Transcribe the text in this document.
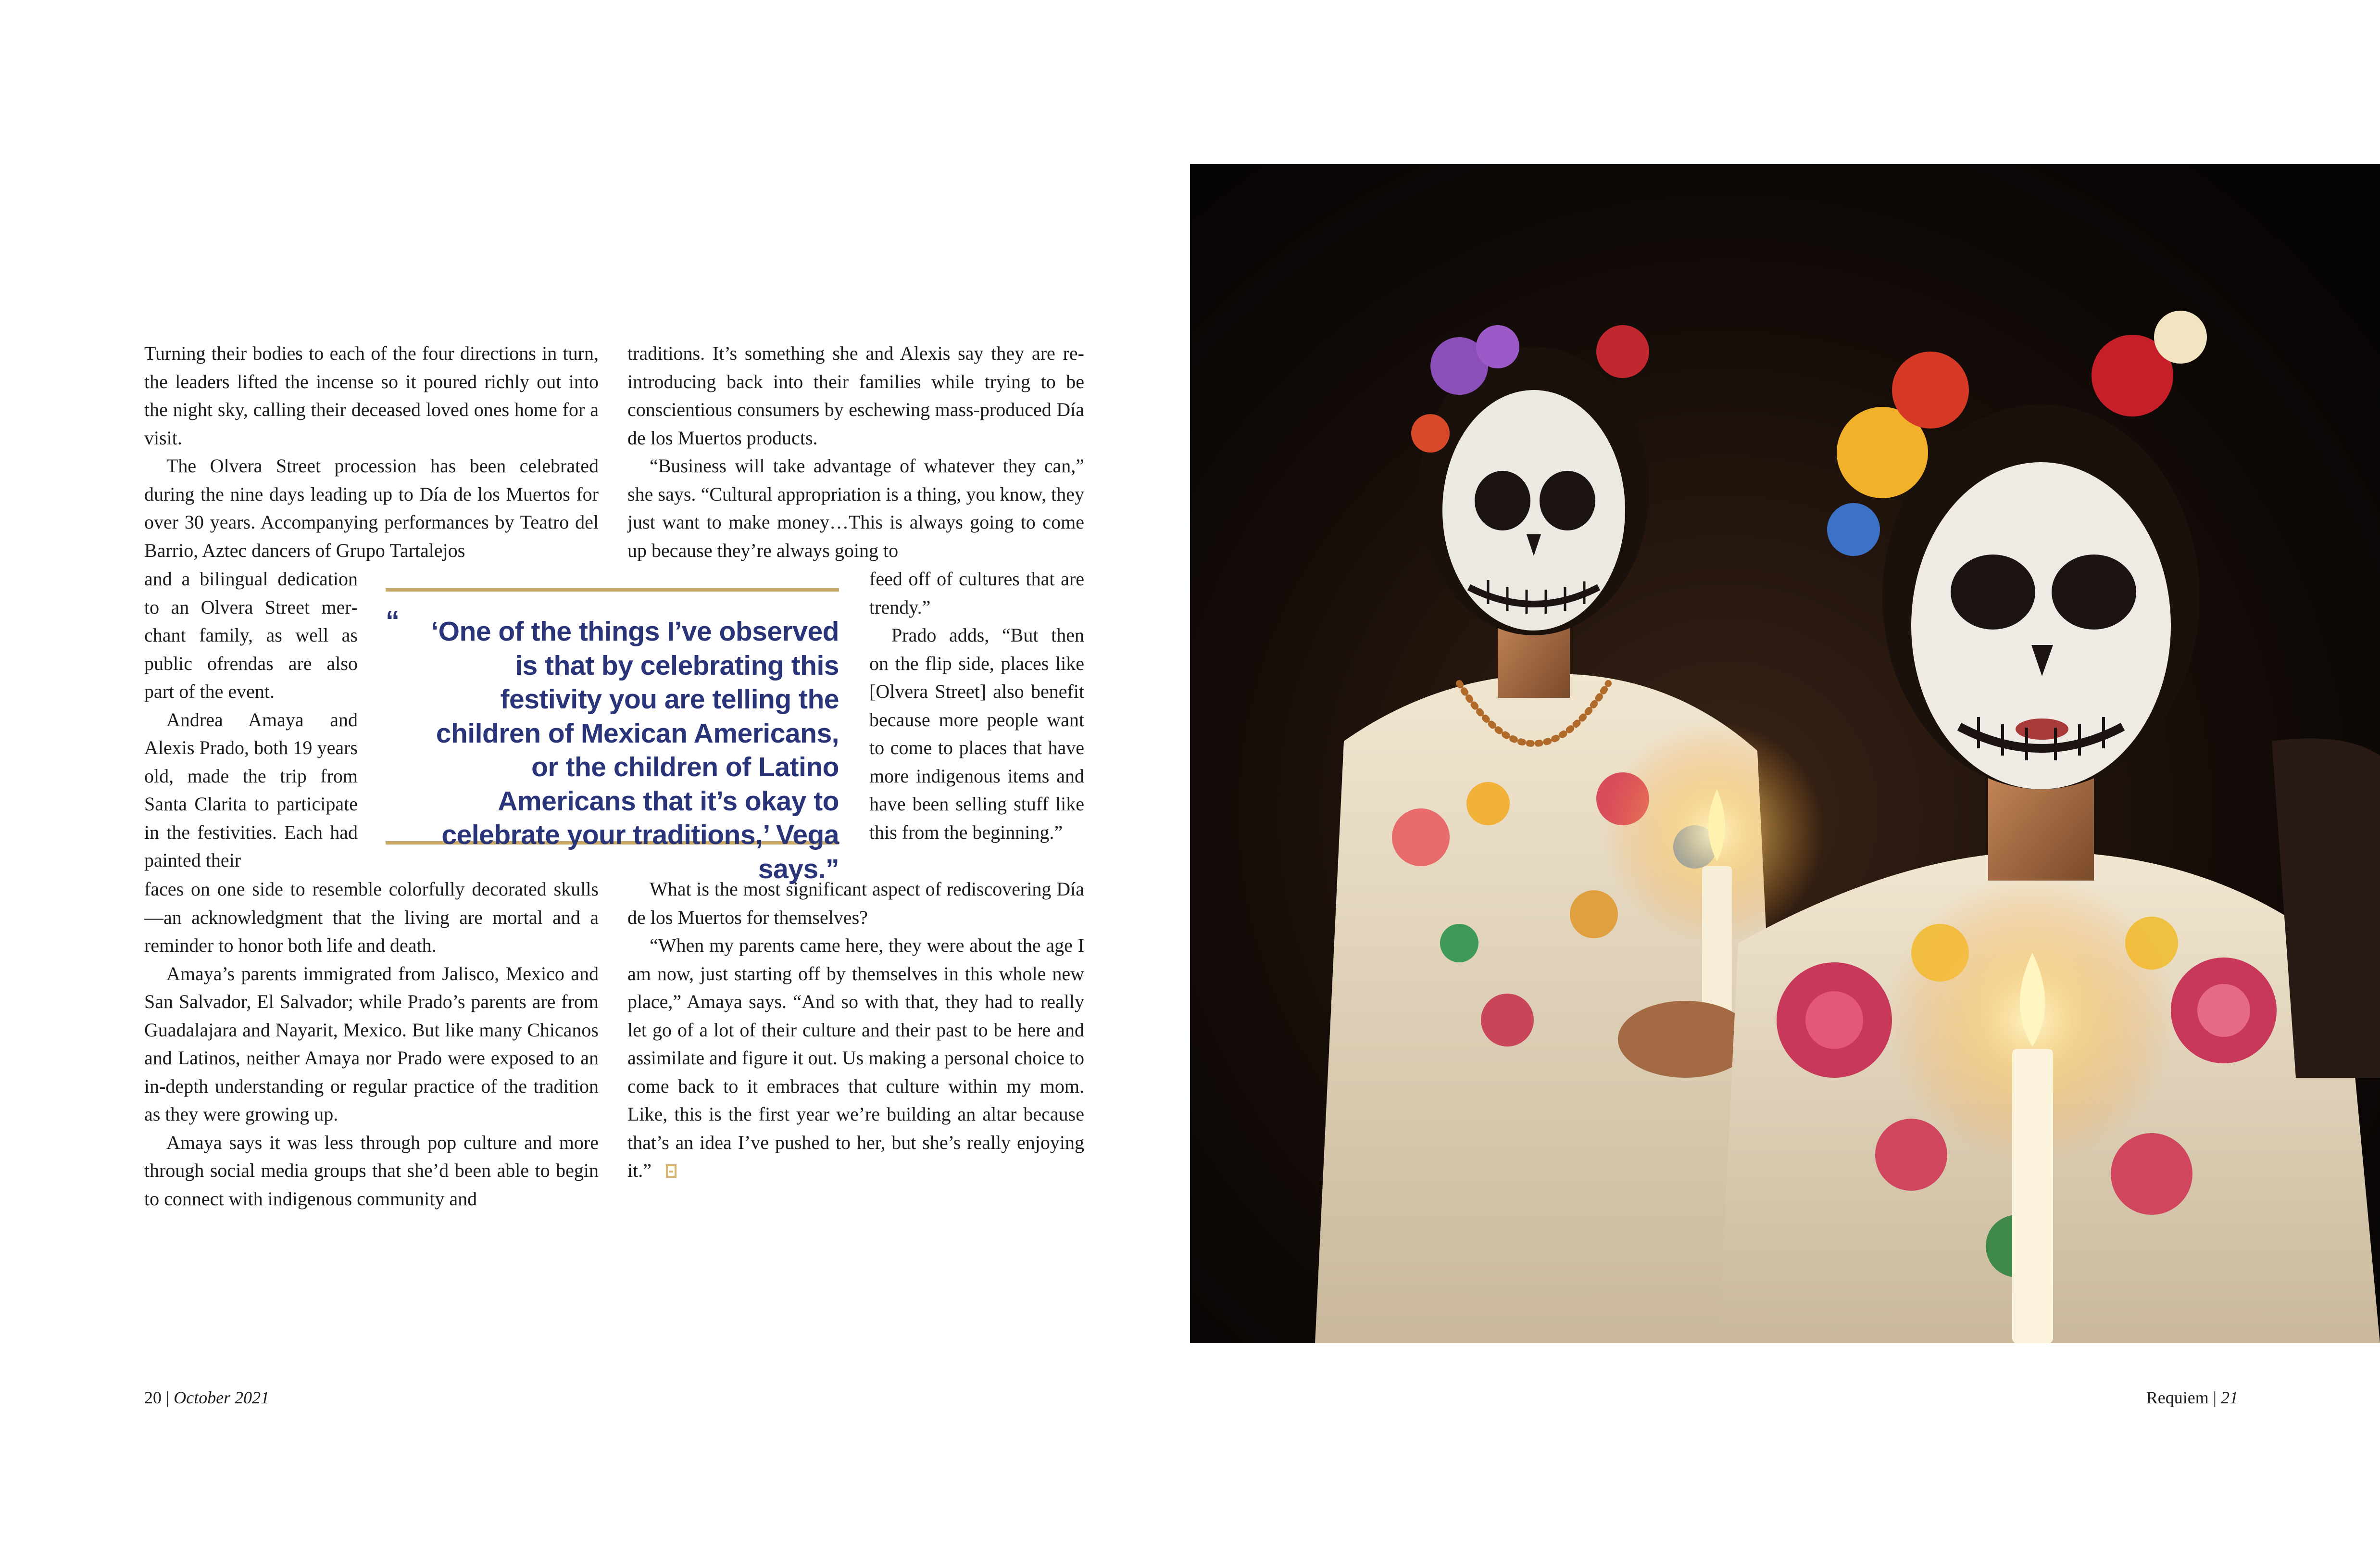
Turning their bodies to each of the four directions in turn, the leaders lifted the incense so it poured richly out into the night sky, calling their deceased loved ones home for a visit.

The Olvera Street procession has been celebrated during the nine days leading up to Día de los Muertos for over 30 years. Accompanying performances by Teatro del Barrio, Aztec dancers of Grupo Tartalejos

and a bilingual dedication to an Olvera Street merchant family, as well as public ofrendas are also part of the event.

Andrea Amaya and Alexis Prado, both 19 years old, made the trip from Santa Clarita to participate in the festivities. Each had painted their

faces on one side to resemble colorfully decorated skulls—an acknowledgment that the living are mortal and a reminder to honor both life and death.

Amaya’s parents immigrated from Jalisco, Mexico and San Salvador, El Salvador; while Prado’s parents are from Guadalajara and Nayarit, Mexico. But like many Chicanos and Latinos, neither Amaya nor Prado were exposed to an in-depth understanding or regular practice of the tradition as they were growing up.

Amaya says it was less through pop culture and more through social media groups that she’d been able to begin to connect with indigenous community and

traditions. It’s something she and Alexis say they are re-introducing back into their families while trying to be conscientious consumers by eschewing mass-produced Día de los Muertos products.

“Business will take advantage of whatever they can,” she says. “Cultural appropriation is a thing, you know, they just want to make money…This is always going to come up because they’re always going to

feed off of cultures that are trendy.”

Prado adds, “But then on the flip side, places like [Olvera Street] also benefit because more people want to come to places that have more indigenous items and have been selling stuff like this from the beginning.”

What is the most significant aspect of rediscovering Día de los Muertos for themselves?

“When my parents came here, they were about the age I am now, just starting off by themselves in this whole new place,” Amaya says. “And so with that, they had to really let go of a lot of their culture and their past to be here and assimilate and figure it out. Us making a personal choice to come back to it embraces that culture within my mom. Like, this is the first year we’re building an altar because that’s an idea I’ve pushed to her, but she’s really enjoying it.”

“	‘One of the things I’ve observed is that by celebrating this festivity you are telling the children of Mexican Americans, or the children of Latino Americans that it’s okay to celebrate your traditions,’ Vega says.”
20 | October 2021	Requiem | 21
